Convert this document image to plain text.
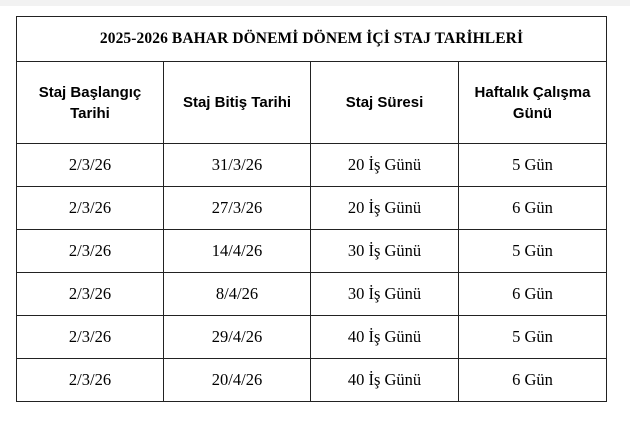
2025-2026 BAHAR DÖNEMİ DÖNEM İÇİ STAJ TARİHLERİ			
Staj Başlangıç Tarihi	Staj Bitiş Tarihi	Staj Süresi	Haftalık Çalışma Günü
2/3/26	31/3/26	20 İş Günü	5 Gün
2/3/26	27/3/26	20 İş Günü	6 Gün
2/3/26	14/4/26	30 İş Günü	5 Gün
2/3/26	8/4/26	30 İş Günü	6 Gün
2/3/26	29/4/26	40 İş Günü	5 Gün
2/3/26	20/4/26	40 İş Günü	6 Gün
